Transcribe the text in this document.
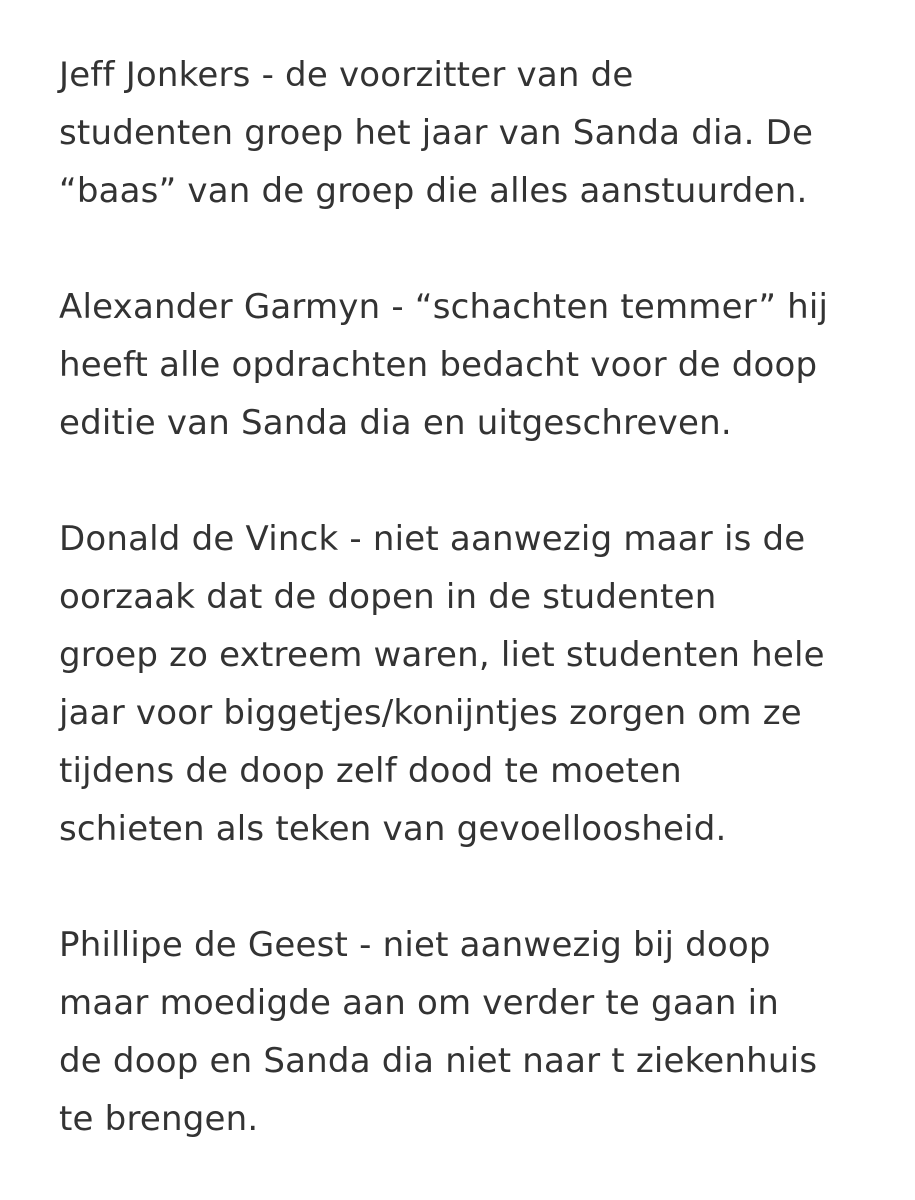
Jeff Jonkers - de voorzitter van de
studenten groep het jaar van Sanda dia. De
“baas” van de groep die alles aanstuurden.
Alexander Garmyn - “schachten temmer” hij
heeft alle opdrachten bedacht voor de doop
editie van Sanda dia en uitgeschreven.
Donald de Vinck - niet aanwezig maar is de
oorzaak dat de dopen in de studenten
groep zo extreem waren, liet studenten hele
jaar voor biggetjes/konijntjes zorgen om ze
tijdens de doop zelf dood te moeten
schieten als teken van gevoelloosheid.
Phillipe de Geest - niet aanwezig bij doop
maar moedigde aan om verder te gaan in
de doop en Sanda dia niet naar t ziekenhuis
te brengen.
